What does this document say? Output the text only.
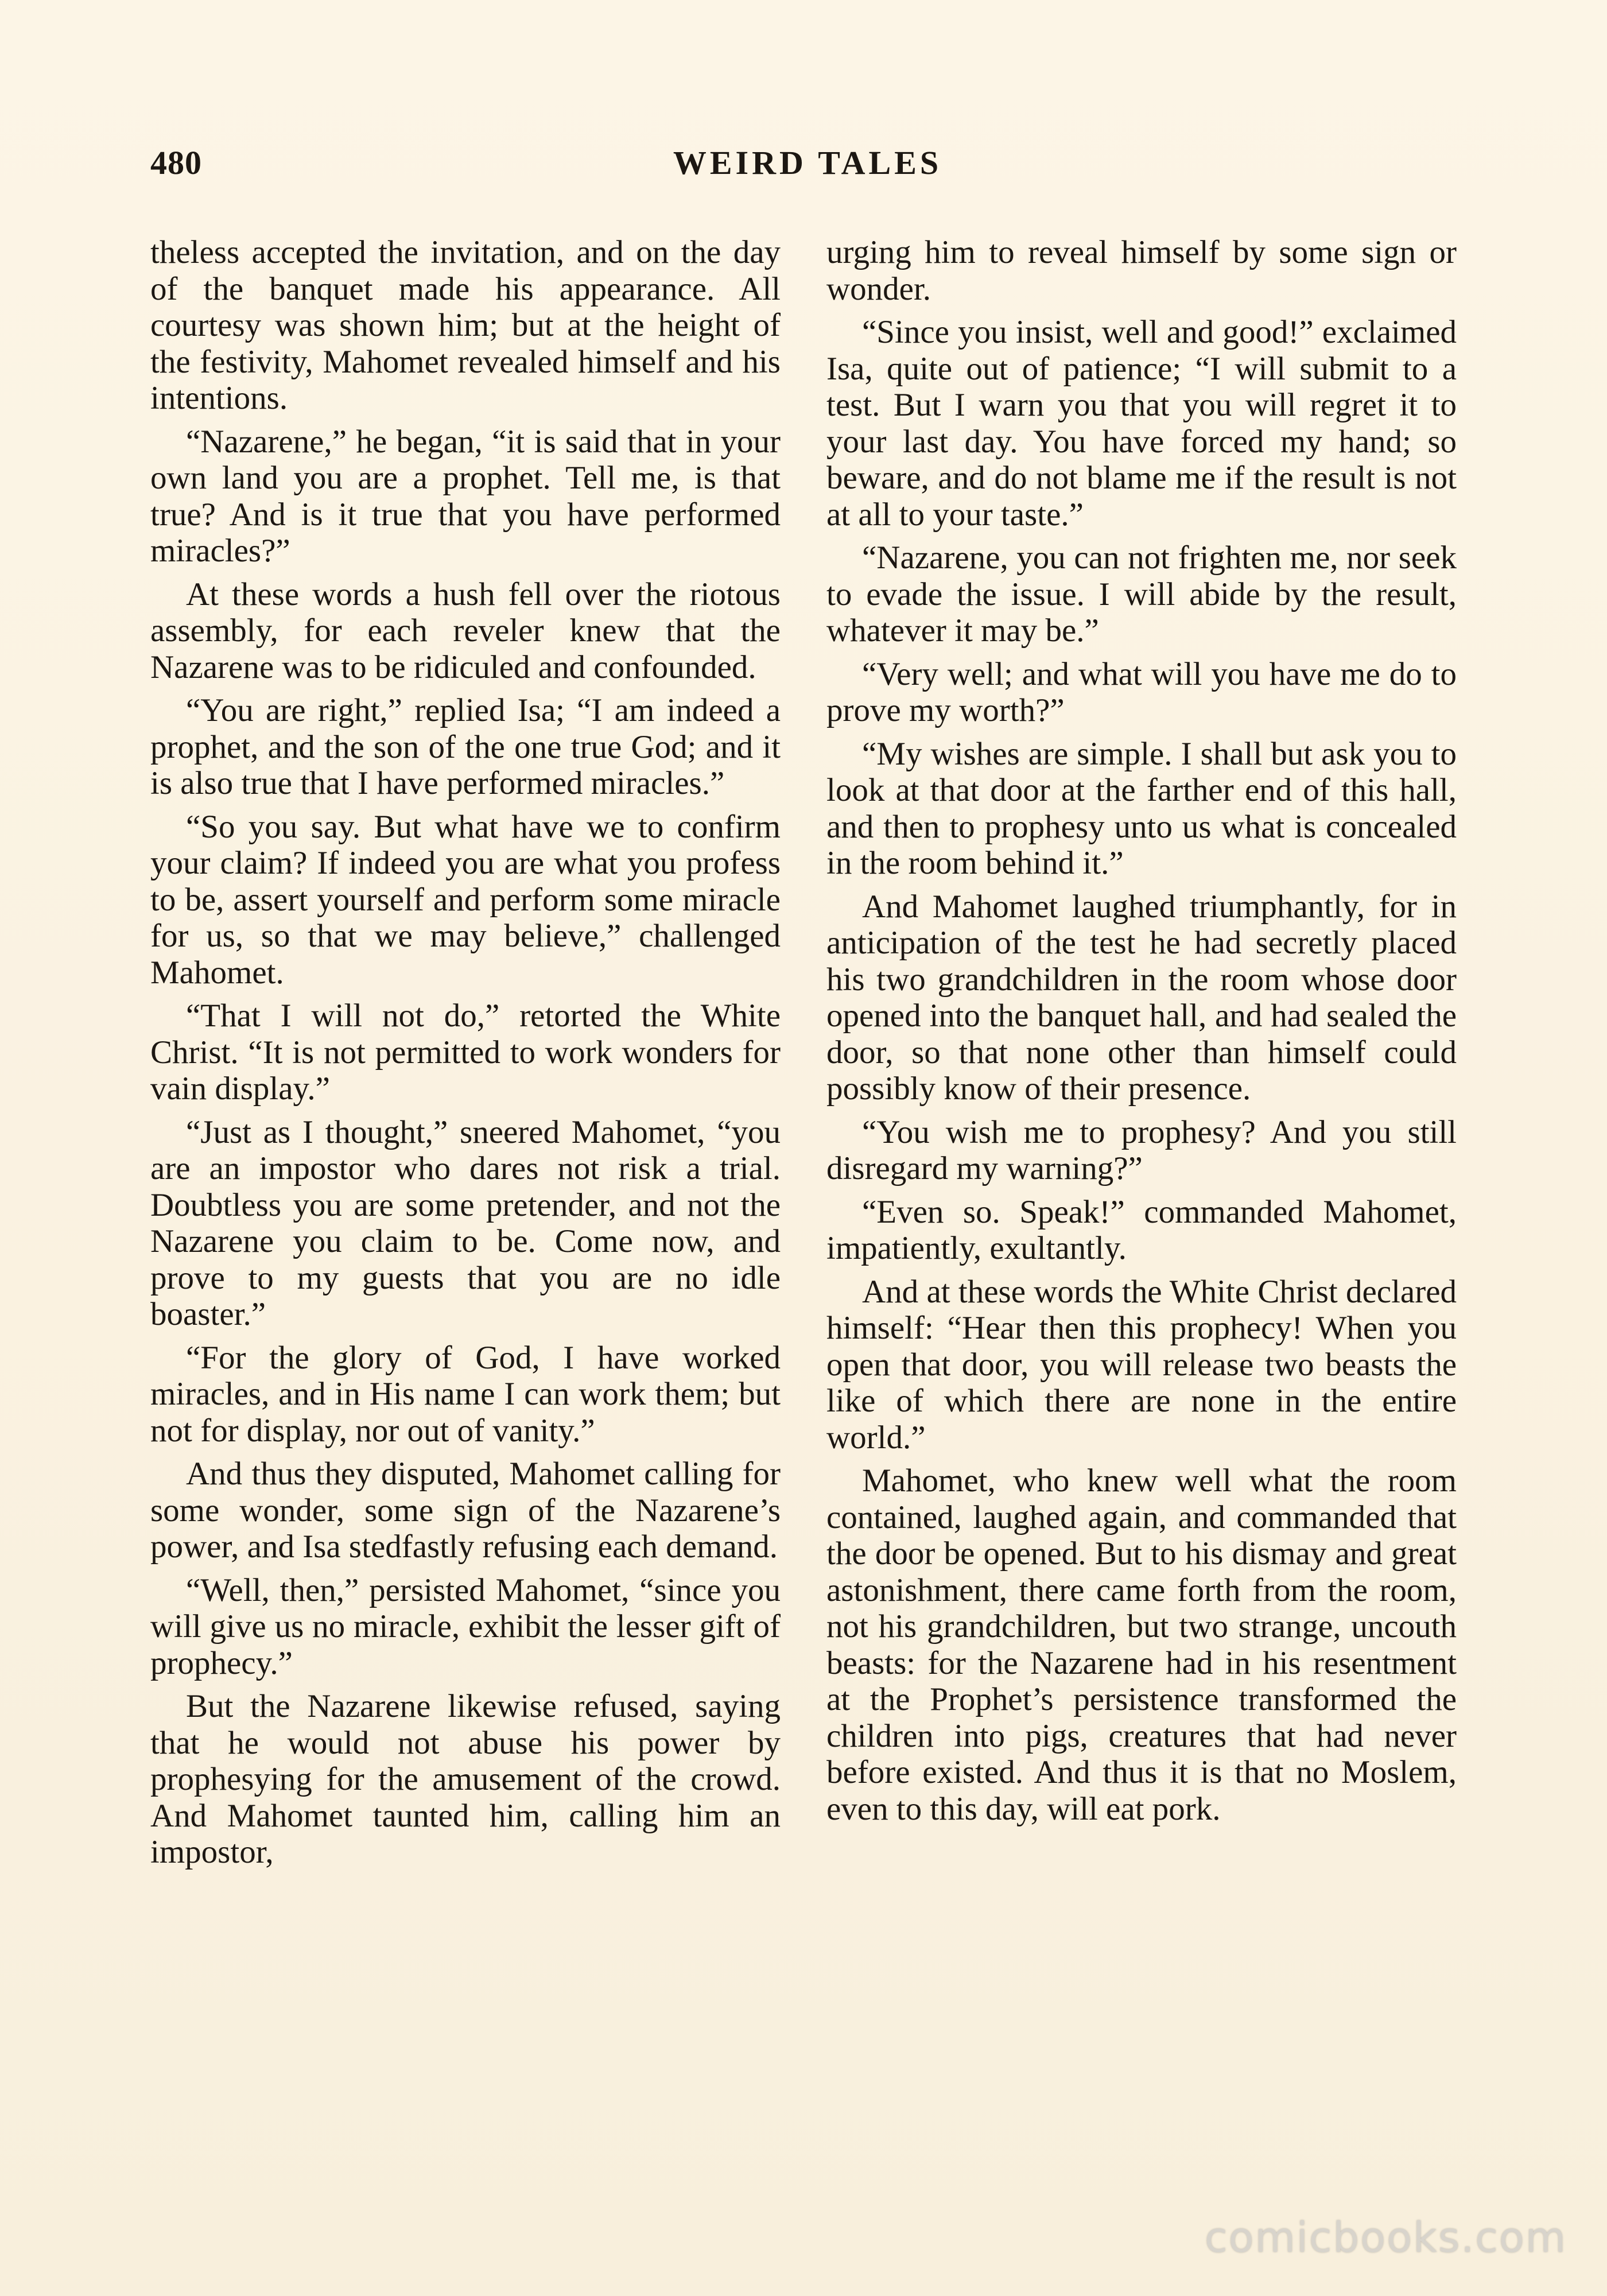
480	WEIRD TALES

theless accepted the invitation, and on the day of the banquet made his appearance. All courtesy was shown him; but at the height of the festivity, Mahomet revealed himself and his intentions.

“Nazarene,” he began, “it is said that in your own land you are a prophet. Tell me, is that true? And is it true that you have performed miracles?”

At these words a hush fell over the riotous assembly, for each reveler knew that the Nazarene was to be ridiculed and confounded.

“You are right,” replied Isa; “I am indeed a prophet, and the son of the one true God; and it is also true that I have performed miracles.”

“So you say. But what have we to confirm your claim? If indeed you are what you profess to be, assert yourself and perform some miracle for us, so that we may believe,” challenged Mahomet.

“That I will not do,” retorted the White Christ. “It is not permitted to work wonders for vain display.”

“Just as I thought,” sneered Mahomet, “you are an impostor who dares not risk a trial. Doubtless you are some pretender, and not the Nazarene you claim to be. Come now, and prove to my guests that you are no idle boaster.”

“For the glory of God, I have worked miracles, and in His name I can work them; but not for display, nor out of vanity.”

And thus they disputed, Mahomet calling for some wonder, some sign of the Nazarene’s power, and Isa stedfastly refusing each demand.

“Well, then,” persisted Mahomet, “since you will give us no miracle, exhibit the lesser gift of prophecy.”

But the Nazarene likewise refused, saying that he would not abuse his power by prophesying for the amusement of the crowd. And Mahomet taunted him, calling him an impostor,

urging him to reveal himself by some sign or wonder.

“Since you insist, well and good!” exclaimed Isa, quite out of patience; “I will submit to a test. But I warn you that you will regret it to your last day. You have forced my hand; so beware, and do not blame me if the result is not at all to your taste.”

“Nazarene, you can not frighten me, nor seek to evade the issue. I will abide by the result, whatever it may be.”

“Very well; and what will you have me do to prove my worth?”

“My wishes are simple. I shall but ask you to look at that door at the farther end of this hall, and then to prophesy unto us what is concealed in the room behind it.”

And Mahomet laughed triumphantly, for in anticipation of the test he had secretly placed his two grandchildren in the room whose door opened into the banquet hall, and had sealed the door, so that none other than himself could possibly know of their presence.

“You wish me to prophesy? And you still disregard my warning?”

“Even so. Speak!” commanded Mahomet, impatiently, exultantly.

And at these words the White Christ declared himself: “Hear then this prophecy! When you open that door, you will release two beasts the like of which there are none in the entire world.”

Mahomet, who knew well what the room contained, laughed again, and commanded that the door be opened. But to his dismay and great astonishment, there came forth from the room, not his grandchildren, but two strange, uncouth beasts: for the Nazarene had in his resentment at the Prophet’s persistence transformed the children into pigs, creatures that had never before existed. And thus it is that no Moslem, even to this day, will eat pork.

comicbooks.com
